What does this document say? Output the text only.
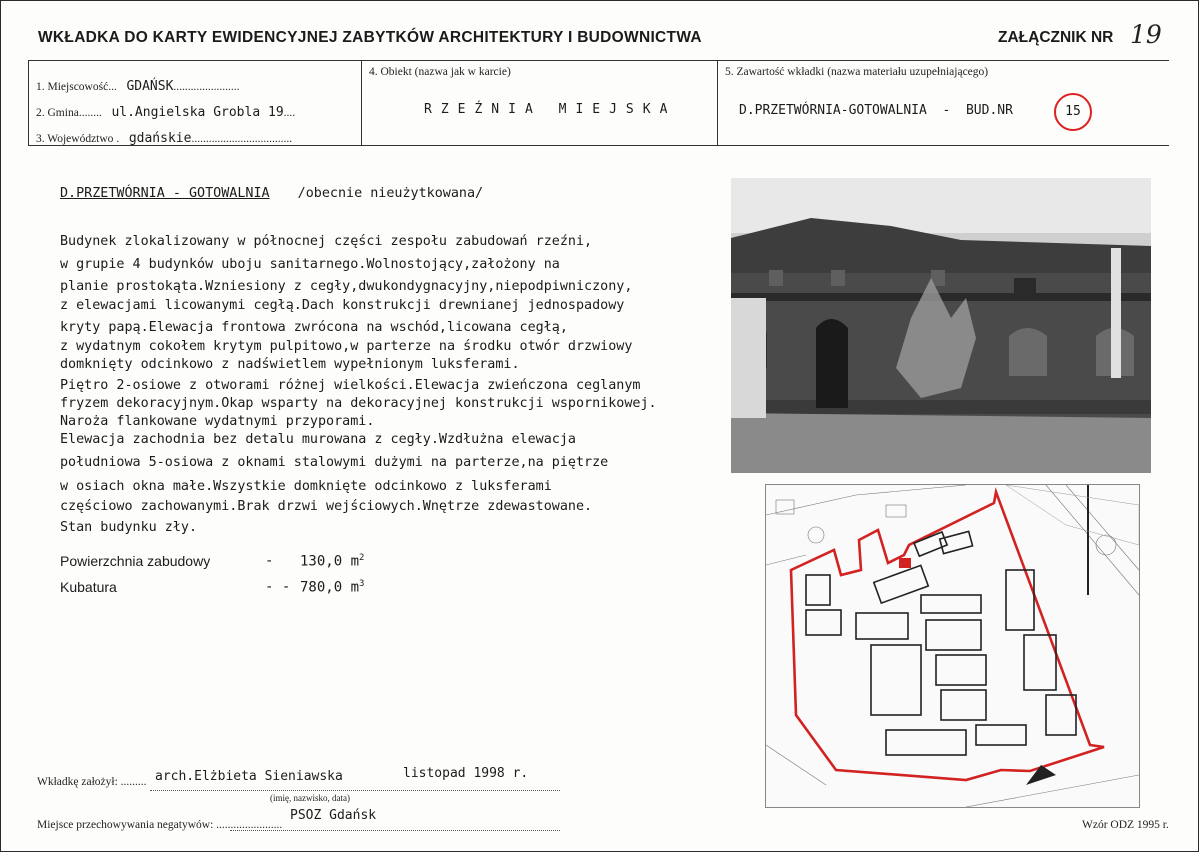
WKŁADKA DO KARTY EWIDENCYJNEJ ZABYTKÓW ARCHITEKTURY I BUDOWNICTWA	ZAŁĄCZNIK NR 19
1. Miejscowość... GDAŃSK.......................
2. Gmina........ ul.Angielska Grobla 19....
3. Województwo . gdańskie...................................
4. Obiekt (nazwa jak w karcie)
RZEŹNIA MIEJSKA
5. Zawartość wkładki (nazwa materiału uzupełniającego)
D.PRZETWÓRNIA-GOTOWALNIA  -  BUD.NR	15
D.PRZETWÓRNIA - GOTOWALNIA /obecnie nieużytkowana/
Budynek zlokalizowany w północnej części zespołu zabudowań rzeźni,
w grupie 4 budynków uboju sanitarnego.Wolnostojący,założony na
planie prostokąta.Wzniesiony z cegły,dwukondygnacyjny,niepodpiwniczony,
z elewacjami licowanymi cegłą.Dach konstrukcji drewnianej jednospadowy
kryty papą.Elewacja frontowa zwrócona na wschód,licowana cegłą,
z wydatnym cokołem krytym pulpitowo,w parterze na środku otwór drzwiowy
domknięty odcinkowo z nadświetlem wypełnionym luksferami.
Piętro 2-osiowe z otworami różnej wielkości.Elewacja zwieńczona ceglanym
fryzem dekoracyjnym.Okap wsparty na dekoracyjnej konstrukcji wspornikowej.
Naroża flankowane wydatnymi przyporami.
Elewacja zachodnia bez detalu murowana z cegły.Wzdłużna elewacja
południowa 5-osiowa z oknami stalowymi dużymi na parterze,na piętrze
w osiach okna małe.Wszystkie domknięte odcinkowo z luksferami
częściowo zachowanymi.Brak drzwi wejściowych.Wnętrze zdewastowane.
Stan budynku zły.
Powierzchnia zabudowy	- 130,0 $m^2$
Kubatura	- - 780,0 $m^3$
Wkładkę założył: ......... arch.Elżbieta Sieniawska	listopad 1998 r.
(imię, nazwisko, data)
Miejsce przechowywania negatywów: .......................
PSOZ Gdańsk
Wzór ODZ 1995 r.
